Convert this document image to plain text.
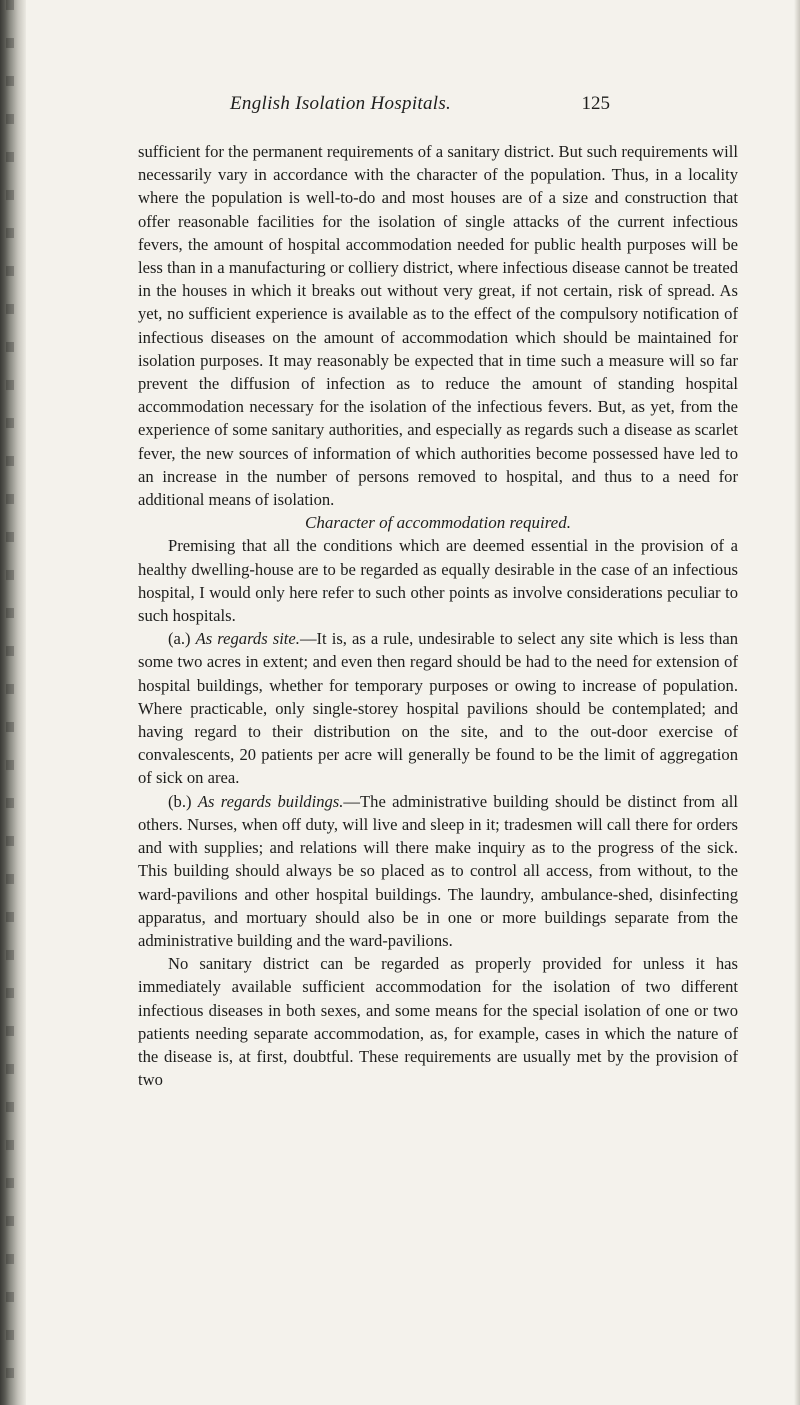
English Isolation Hospitals.	125

sufficient for the permanent requirements of a sanitary district. But such requirements will necessarily vary in accordance with the character of the population. Thus, in a locality where the population is well-to-do and most houses are of a size and construction that offer reasonable facilities for the isolation of single attacks of the current infectious fevers, the amount of hospital accommodation needed for public health purposes will be less than in a manufacturing or colliery district, where infectious disease cannot be treated in the houses in which it breaks out without very great, if not certain, risk of spread. As yet, no sufficient experience is available as to the effect of the compulsory notification of infectious diseases on the amount of accommodation which should be maintained for isolation purposes. It may reasonably be expected that in time such a measure will so far prevent the diffusion of infection as to reduce the amount of standing hospital accommodation necessary for the isolation of the infectious fevers. But, as yet, from the experience of some sanitary authorities, and especially as regards such a disease as scarlet fever, the new sources of information of which authorities become possessed have led to an increase in the number of persons removed to hospital, and thus to a need for additional means of isolation.

Character of accommodation required.

Premising that all the conditions which are deemed essential in the provision of a healthy dwelling-house are to be regarded as equally desirable in the case of an infectious hospital, I would only here refer to such other points as involve considerations peculiar to such hospitals.

(a.) As regards site.—It is, as a rule, undesirable to select any site which is less than some two acres in extent; and even then regard should be had to the need for extension of hospital buildings, whether for temporary purposes or owing to increase of population. Where practicable, only single-storey hospital pavilions should be contemplated; and having regard to their distribution on the site, and to the out-door exercise of convalescents, 20 patients per acre will generally be found to be the limit of aggregation of sick on area.

(b.) As regards buildings.—The administrative building should be distinct from all others. Nurses, when off duty, will live and sleep in it; tradesmen will call there for orders and with supplies; and relations will there make inquiry as to the progress of the sick. This building should always be so placed as to control all access, from without, to the ward-pavilions and other hospital buildings. The laundry, ambulance-shed, disinfecting apparatus, and mortuary should also be in one or more buildings separate from the administrative building and the ward-pavilions.

No sanitary district can be regarded as properly provided for unless it has immediately available sufficient accommodation for the isolation of two different infectious diseases in both sexes, and some means for the special isolation of one or two patients needing separate accommodation, as, for example, cases in which the nature of the disease is, at first, doubtful. These requirements are usually met by the provision of two
